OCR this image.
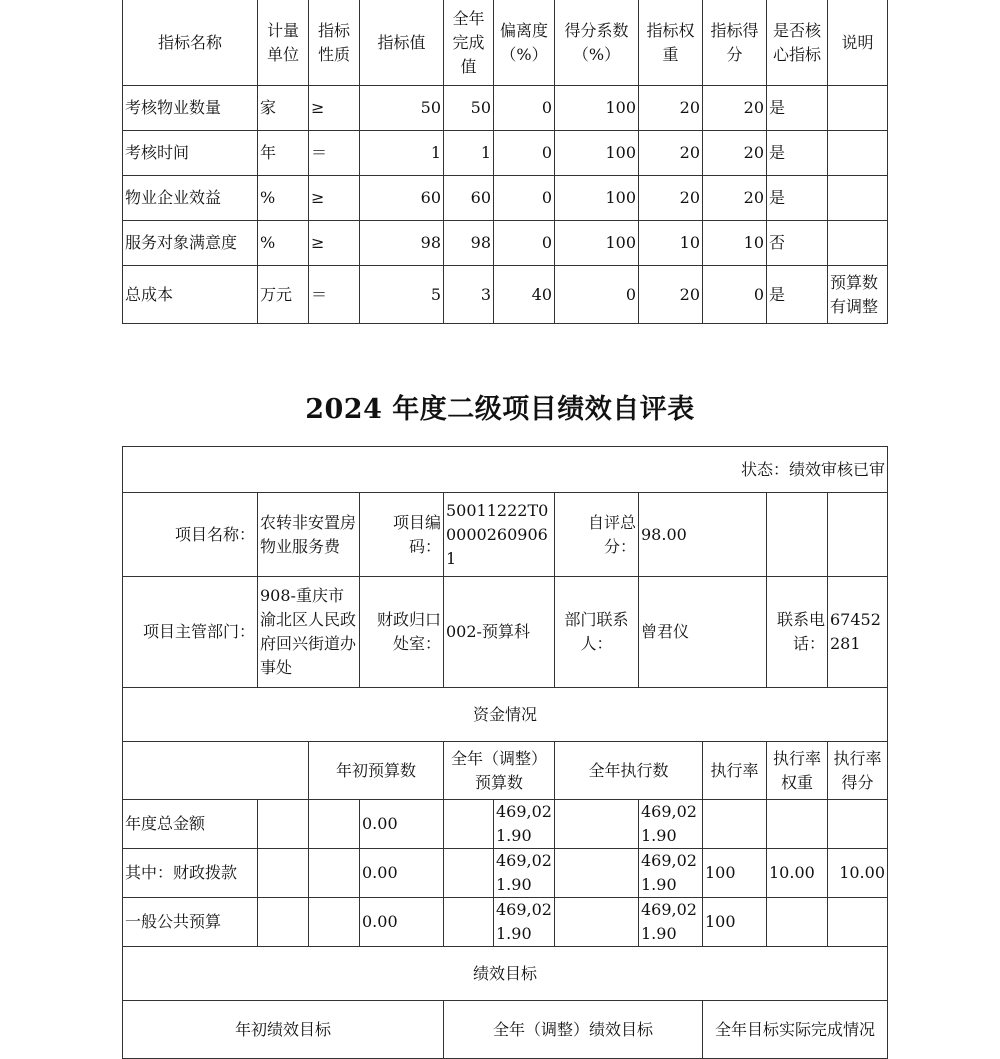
指标名称	计量单位	指标性质	指标值	全年完成值	偏离度（%）	得分系数（%）	指标权重	指标得分	是否核心指标	说明
考核物业数量	家	≥	50	50	0	100	20	20	是	
考核时间	年	＝	1	1	0	100	20	20	是	
物业企业效益	%	≥	60	60	0	100	20	20	是	
服务对象满意度	%	≥	98	98	0	100	10	10	否	
总成本	万元	＝	5	3	40	0	20	0	是	预算数有调整
2024 年度二级项目绩效自评表
状态：绩效审核已审										
项目名称：	农转非安置房物业服务费		项目编码：	50011222T000002609061		自评总分：	98.00			
项目主管部门：	908-重庆市渝北区人民政府回兴街道办事处		财政归口处室：	002-预算科		部门联系人：	曾君仪		联系电话：	67452281
资金情况										
		年初预算数		全年（调整）预算数		全年执行数		执行率	执行率权重	执行率得分
年度总金额			0.00		469,021.90		469,021.90			
其中：财政拨款			0.00		469,021.90		469,021.90	100	10.00	10.00
一般公共预算			0.00		469,021.90		469,021.90	100		
绩效目标										
年初绩效目标				全年（调整）绩效目标				全年目标实际完成情况		
